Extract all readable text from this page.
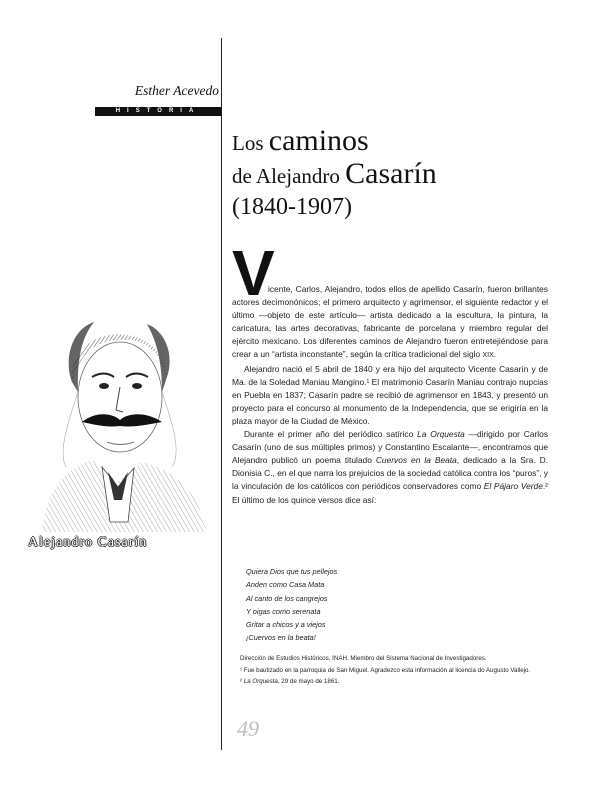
Esther Acevedo
HISTORIA
Los caminos
de Alejandro Casarín
(1840-1907)
Alejandro Casarín
V

icente, Carlos, Alejandro, todos ellos de apellido Casarín, fueron brillantes actores decimonónicos; el primero arquitecto y agrimensor, el siguiente redactor y el último —objeto de este artículo— artista dedicado a la escultura, la pintura, la caricatura, las artes decorativas, fabricante de porcelana y miembro regular del ejército mexicano. Los diferentes caminos de Alejandro fueron entretejiéndose para crear a un “artista inconstante”, según la crítica tradicional del siglo XIX.

Alejandro nació el 5 abril de 1840 y era hijo del arquitecto Vicente Casarín y de Ma. de la Soledad Maniau Mangino.¹ El matrimonio Casarín Maniau contrajo nupcias en Puebla en 1837; Casarín padre se recibió de agrimensor en 1843, y presentó un proyecto para el concurso al monumento de la Independencia, que se erigiría en la plaza mayor de la Ciudad de México.

Durante el primer año del periódico satírico La Orquesta —dirigido por Carlos Casarín (uno de sus múltiples primos) y Constantino Escalante—, encontramos que Alejandro publicó un poema titulado Cuervos en la Beata, dedicado a la Sra. D. Dionisia C., en el que narra los prejuicios de la sociedad católica contra los “puros”, y la vinculación de los católicos con periódicos conservadores como El Pájaro Verde.² El último de los quince versos dice así:

Quiera Dios que tus pellejos
Anden como Casa Mata
Al canto de los cangrejos
Y oigas como serenata
Gritar a chicos y a viejos
¡Cuervos en la beata!

Dirección de Estudios Históricos, INAH. Miembro del Sistema Nacional de Investigadores.

¹ Fue bautizado en la parroquia de San Miguel. Agradezco esta información al licencia do Augusto Vallejo.

² La Orquesta, 29 de mayo de 1861.

49
